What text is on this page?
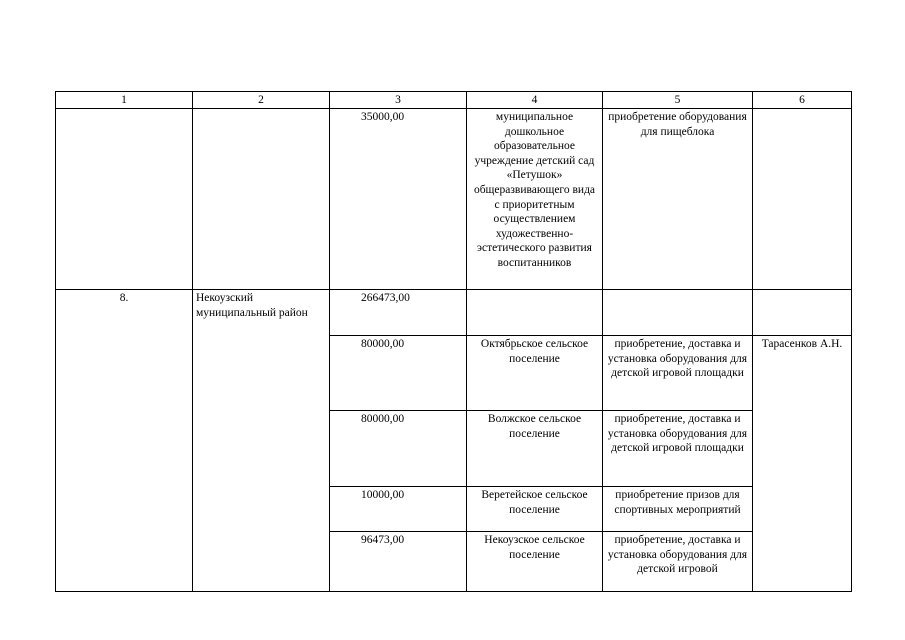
1	2	3	4	5	6
		35000,00	муниципальное дошкольное образовательное учреждение детский сад «Петушок» общеразвивающего вида с приоритетным осуществлением художественно-эстетического развития воспитанников	приобретение оборудования для пищеблока	
8.	Некоузский муниципальный район	266473,00			
		80000,00	Октябрьское сельское поселение	приобретение, доставка и установка оборудования для детской игровой площадки	Тарасенков А.Н.
		80000,00	Волжское сельское поселение	приобретение, доставка и установка оборудования для детской игровой площадки	
		10000,00	Веретейское сельское поселение	приобретение призов для спортивных мероприятий	
		96473,00	Некоузское сельское поселение	приобретение, доставка и установка оборудования для детской игровой	
